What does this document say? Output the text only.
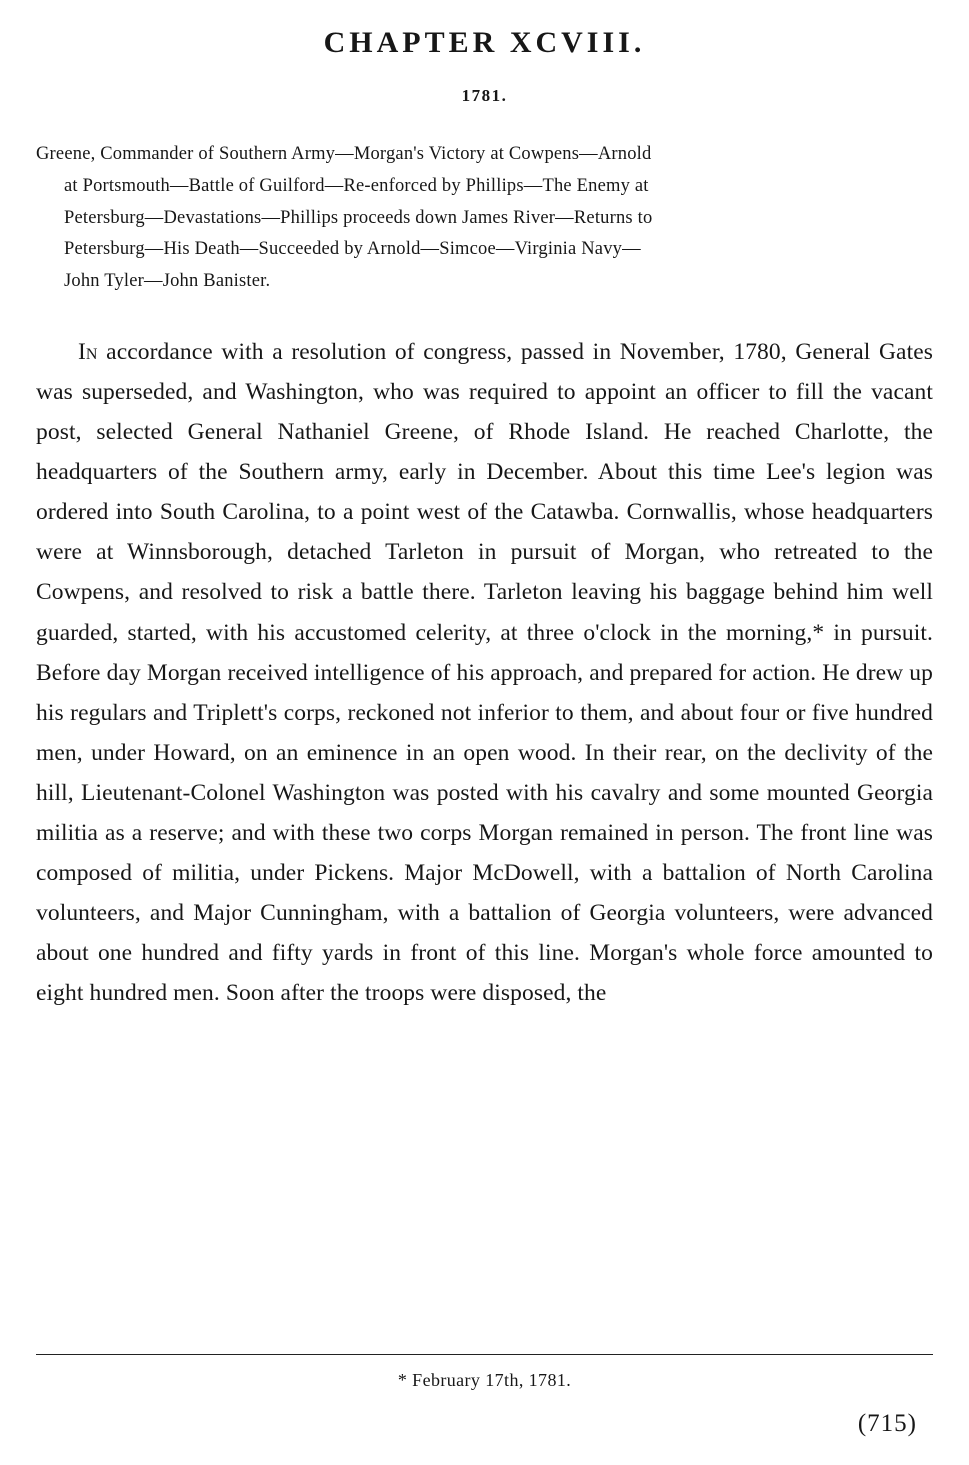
CHAPTER XCVIII.
1781.
Greene, Commander of Southern Army—Morgan's Victory at Cowpens—Arnold
at Portsmouth—Battle of Guilford—Re-enforced by Phillips—The Enemy at
Petersburg—Devastations—Phillips proceeds down James River—Returns to
Petersburg—His Death—Succeeded by Arnold—Simcoe—Virginia Navy—
John Tyler—John Banister.

In accordance with a resolution of congress, passed in November, 1780, General Gates was superseded, and Washington, who was required to appoint an officer to fill the vacant post, selected General Nathaniel Greene, of Rhode Island. He reached Charlotte, the headquarters of the Southern army, early in December. About this time Lee's legion was ordered into South Carolina, to a point west of the Catawba. Cornwallis, whose headquarters were at Winnsborough, detached Tarleton in pursuit of Morgan, who retreated to the Cowpens, and resolved to risk a battle there. Tarleton leaving his baggage behind him well guarded, started, with his accustomed celerity, at three o'clock in the morning,* in pursuit. Before day Morgan received intelligence of his approach, and prepared for action. He drew up his regulars and Triplett's corps, reckoned not inferior to them, and about four or five hundred men, under Howard, on an eminence in an open wood. In their rear, on the declivity of the hill, Lieutenant-Colonel Washington was posted with his cavalry and some mounted Georgia militia as a reserve; and with these two corps Morgan remained in person. The front line was composed of militia, under Pickens. Major McDowell, with a battalion of North Carolina volunteers, and Major Cunningham, with a battalion of Georgia volunteers, were advanced about one hundred and fifty yards in front of this line. Morgan's whole force amounted to eight hundred men. Soon after the troops were disposed, the

* February 17th, 1781.
(715)
